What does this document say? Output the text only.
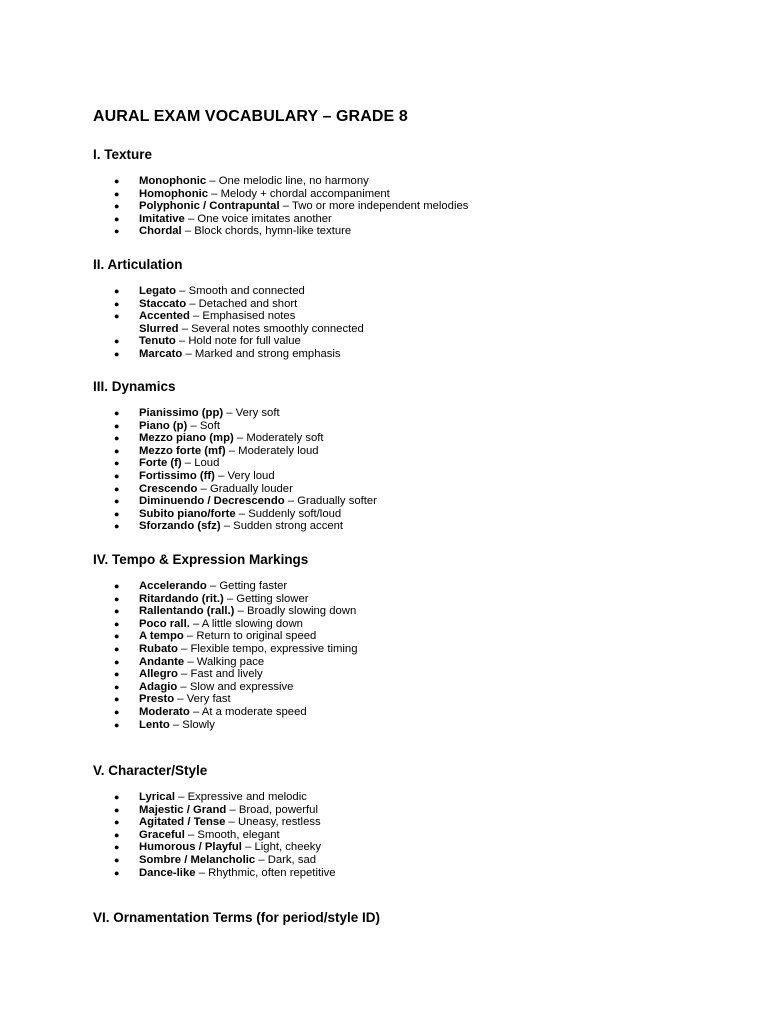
AURAL EXAM VOCABULARY – GRADE 8
I. Texture
● Monophonic – One melodic line, no harmony
● Homophonic – Melody + chordal accompaniment
● Polyphonic / Contrapuntal – Two or more independent melodies
● Imitative – One voice imitates another
● Chordal – Block chords, hymn-like texture
II. Articulation
● Legato – Smooth and connected
● Staccato – Detached and short
● Accented – Emphasised notes
Slurred – Several notes smoothly connected
● Tenuto – Hold note for full value
● Marcato – Marked and strong emphasis
III. Dynamics
● Pianissimo (pp) – Very soft
● Piano (p) – Soft
● Mezzo piano (mp) – Moderately soft
● Mezzo forte (mf) – Moderately loud
● Forte (f) – Loud
● Fortissimo (ff) – Very loud
● Crescendo – Gradually louder
● Diminuendo / Decrescendo – Gradually softer
● Subito piano/forte – Suddenly soft/loud
● Sforzando (sfz) – Sudden strong accent
IV. Tempo & Expression Markings
● Accelerando – Getting faster
● Ritardando (rit.) – Getting slower
● Rallentando (rall.) – Broadly slowing down
● Poco rall. – A little slowing down
● A tempo – Return to original speed
● Rubato – Flexible tempo, expressive timing
● Andante – Walking pace
● Allegro – Fast and lively
● Adagio – Slow and expressive
● Presto – Very fast
● Moderato – At a moderate speed
● Lento – Slowly
V. Character/Style
● Lyrical – Expressive and melodic
● Majestic / Grand – Broad, powerful
● Agitated / Tense – Uneasy, restless
● Graceful – Smooth, elegant
● Humorous / Playful – Light, cheeky
● Sombre / Melancholic – Dark, sad
● Dance-like – Rhythmic, often repetitive
VI. Ornamentation Terms (for period/style ID)
